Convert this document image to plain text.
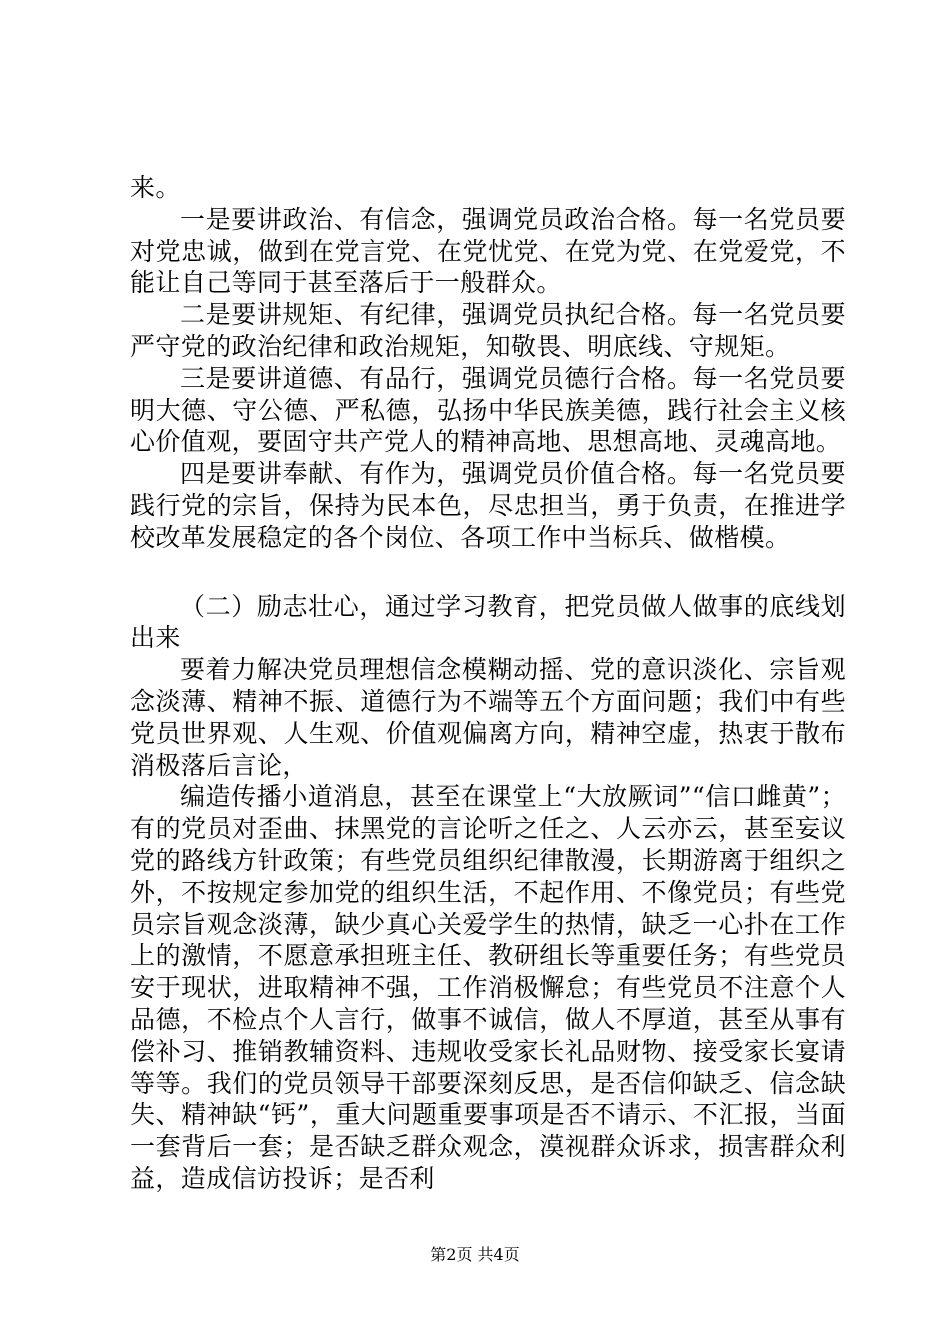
来。

一是要讲政治、有信念，强调党员政治合格。每一名党员要对党忠诚，做到在党言党、在党忧党、在党为党、在党爱党，不能让自己等同于甚至落后于一般群众。

二是要讲规矩、有纪律，强调党员执纪合格。每一名党员要严守党的政治纪律和政治规矩，知敬畏、明底线、守规矩。

三是要讲道德、有品行，强调党员德行合格。每一名党员要明大德、守公德、严私德，弘扬中华民族美德，践行社会主义核心价值观，要固守共产党人的精神高地、思想高地、灵魂高地。

四是要讲奉献、有作为，强调党员价值合格。每一名党员要践行党的宗旨，保持为民本色，尽忠担当，勇于负责，在推进学校改革发展稳定的各个岗位、各项工作中当标兵、做楷模。

（二）励志壮心，通过学习教育，把党员做人做事的底线划出来

要着力解决党员理想信念模糊动摇、党的意识淡化、宗旨观念淡薄、精神不振、道德行为不端等五个方面问题；我们中有些党员世界观、人生观、价值观偏离方向，精神空虚，热衷于散布消极落后言论，

编造传播小道消息，甚至在课堂上“大放厥词”“信口雌黄”；有的党员对歪曲、抹黑党的言论听之任之、人云亦云，甚至妄议党的路线方针政策；有些党员组织纪律散漫，长期游离于组织之外，不按规定参加党的组织生活，不起作用、不像党员；有些党员宗旨观念淡薄，缺少真心关爱学生的热情，缺乏一心扑在工作上的激情，不愿意承担班主任、教研组长等重要任务；有些党员安于现状，进取精神不强，工作消极懈怠；有些党员不注意个人品德，不检点个人言行，做事不诚信，做人不厚道，甚至从事有偿补习、推销教辅资料、违规收受家长礼品财物、接受家长宴请等等。我们的党员领导干部要深刻反思，是否信仰缺乏、信念缺失、精神缺“钙”，重大问题重要事项是否不请示、不汇报，当面一套背后一套；是否缺乏群众观念，漠视群众诉求，损害群众利益，造成信访投诉；是否利

第2页 共4页
